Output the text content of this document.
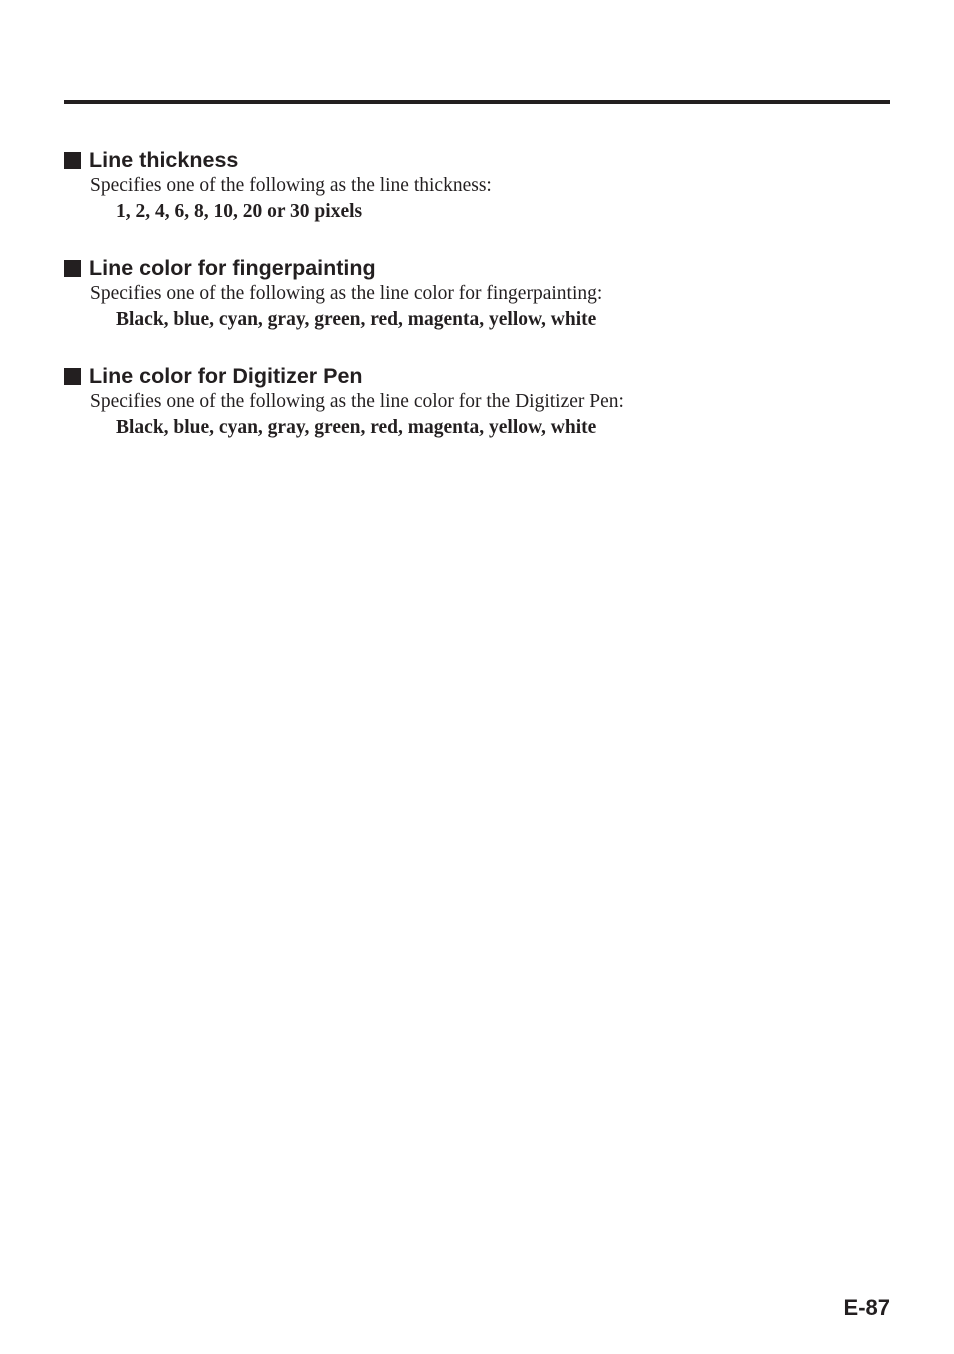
Line thickness
Specifies one of the following as the line thickness:
1, 2, 4, 6, 8, 10, 20 or 30 pixels
Line color for fingerpainting
Specifies one of the following as the line color for fingerpainting:
Black, blue, cyan, gray, green, red, magenta, yellow, white
Line color for Digitizer Pen
Specifies one of the following as the line color for the Digitizer Pen:
Black, blue, cyan, gray, green, red, magenta, yellow, white
E-87
